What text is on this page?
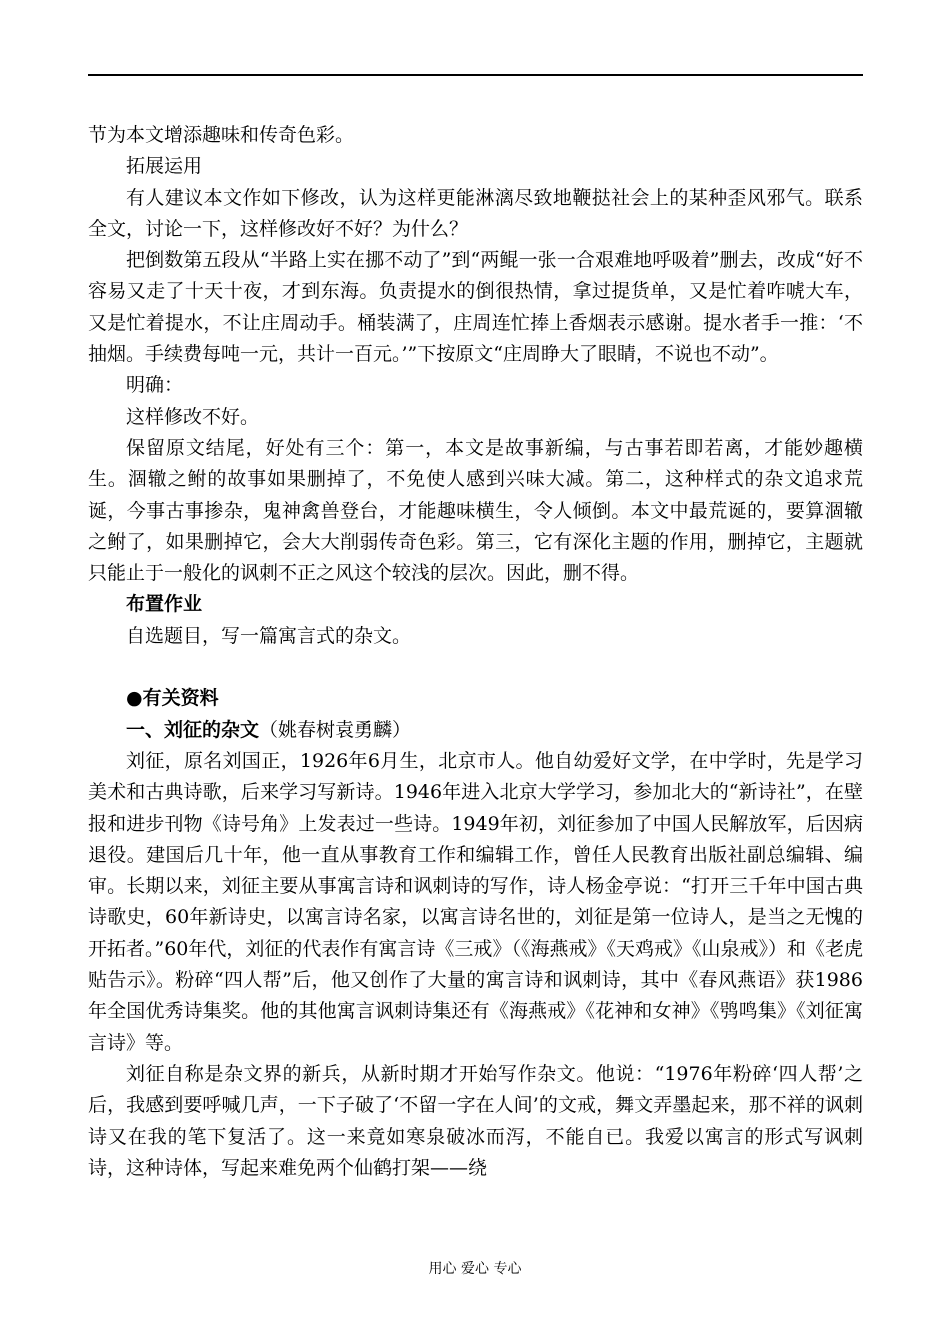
节为本文增添趣味和传奇色彩。

拓展运用

有人建议本文作如下修改，认为这样更能淋漓尽致地鞭挞社会上的某种歪风邪气。联系全文，讨论一下，这样修改好不好？为什么？

把倒数第五段从“半路上实在挪不动了”到“两鲲一张一合艰难地呼吸着”删去，改成“好不容易又走了十天十夜，才到东海。负责提水的倒很热情，拿过提货单，又是忙着咋唬大车，又是忙着提水，不让庄周动手。桶装满了，庄周连忙捧上香烟表示感谢。提水者手一推：‘不抽烟。手续费每吨一元，共计一百元。’”下按原文“庄周睁大了眼睛，不说也不动”。

明确：

这样修改不好。

保留原文结尾，好处有三个：第一，本文是故事新编，与古事若即若离，才能妙趣横生。涸辙之鲋的故事如果删掉了，不免使人感到兴味大减。第二，这种样式的杂文追求荒诞，今事古事掺杂，鬼神禽兽登台，才能趣味横生，令人倾倒。本文中最荒诞的，要算涸辙之鲋了，如果删掉它，会大大削弱传奇色彩。第三，它有深化主题的作用，删掉它，主题就只能止于一般化的讽刺不正之风这个较浅的层次。因此，删不得。

布置作业

自选题目，写一篇寓言式的杂文。

●有关资料

一、刘征的杂文（姚春树袁勇麟）

刘征，原名刘国正，1926年6月生，北京市人。他自幼爱好文学，在中学时，先是学习美术和古典诗歌，后来学习写新诗。1946年进入北京大学学习，参加北大的“新诗社”，在壁报和进步刊物《诗号角》上发表过一些诗。1949年初，刘征参加了中国人民解放军，后因病退役。建国后几十年，他一直从事教育工作和编辑工作，曾任人民教育出版社副总编辑、编审。长期以来，刘征主要从事寓言诗和讽刺诗的写作，诗人杨金亭说：“打开三千年中国古典诗歌史，60年新诗史，以寓言诗名家，以寓言诗名世的，刘征是第一位诗人，是当之无愧的开拓者。”60年代，刘征的代表作有寓言诗《三戒》（《海燕戒》《天鸡戒》《山泉戒》）和《老虎贴告示》。粉碎“四人帮”后，他又创作了大量的寓言诗和讽刺诗，其中《春风燕语》获1986年全国优秀诗集奖。他的其他寓言讽刺诗集还有《海燕戒》《花神和女神》《鸮鸣集》《刘征寓言诗》等。

刘征自称是杂文界的新兵，从新时期才开始写作杂文。他说：“1976年粉碎‘四人帮’之后，我感到要呼喊几声，一下子破了‘不留一字在人间’的文戒，舞文弄墨起来，那不祥的讽刺诗又在我的笔下复活了。这一来竟如寒泉破冰而泻，不能自已。我爱以寓言的形式写讽刺诗，这种诗体，写起来难免两个仙鹤打架——绕

用心 爱心 专心
